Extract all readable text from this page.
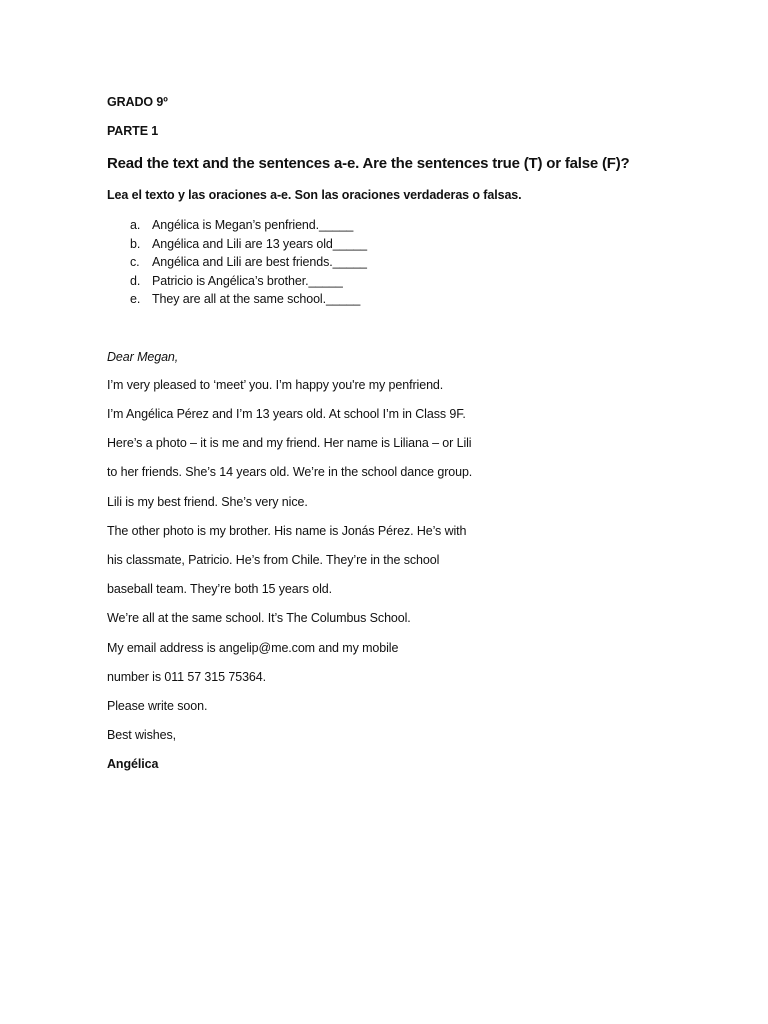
GRADO 9º
PARTE 1
Read the text and the sentences a-e. Are the sentences true (T) or false (F)?
Lea el texto y las oraciones a-e. Son las oraciones verdaderas o falsas.
a. Angélica is Megan’s penfriend._____
b. Angélica and Lili are 13 years old_____
c. Angélica and Lili are best friends._____
d. Patricio is Angélica’s brother._____
e. They are all at the same school._____
Dear Megan,
I’m very pleased to ‘meet’ you. I’m happy you're my penfriend.
I’m Angélica Pérez and I’m 13 years old. At school I’m in Class 9F.
Here’s a photo – it is me and my friend. Her name is Liliana – or Lili
to her friends. She’s 14 years old. We’re in the school dance group.
Lili is my best friend. She’s very nice.
The other photo is my brother. His name is Jonás Pérez. He’s with
his classmate, Patricio. He’s from Chile. They’re in the school
baseball team. They’re both 15 years old.
We’re all at the same school. It’s The Columbus School.
My email address is angelip@me.com and my mobile
number is 011 57 315 75364.
Please write soon.
Best wishes,
Angélica
